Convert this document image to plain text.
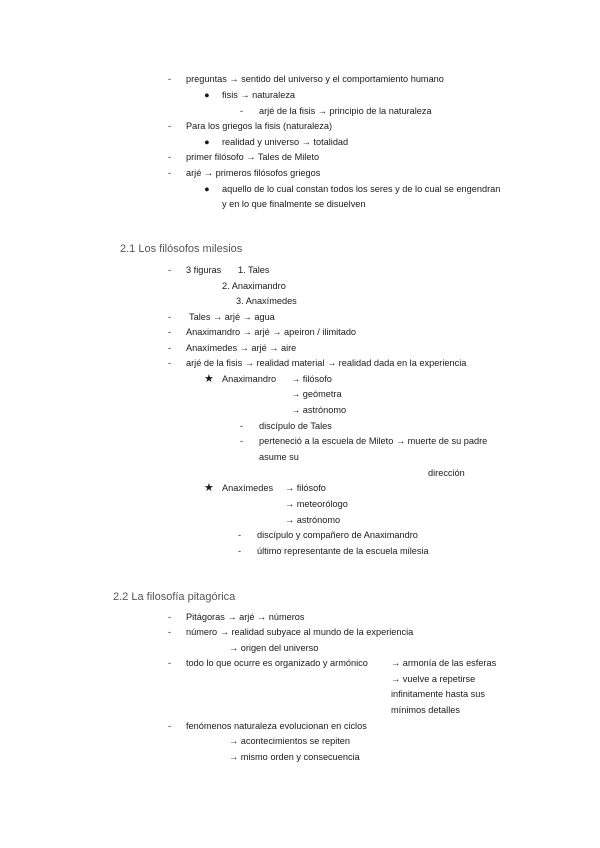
- preguntas → sentido del universo y el comportamiento humano
● fisis → naturaleza
- arjé de la fisis → principio de la naturaleza
- Para los griegos la fisis (naturaleza)
● realidad y universo → totalidad
- primer filósofo → Tales de Mileto
- arjé → primeros filósofos griegos
● aquello de lo cual constan todos los seres y de lo cual se engendran
y en lo que finalmente se disuelven
2.1 Los filósofos milesios
- 3 figuras 1. Tales
2. Anaximandro
3. Anaxímedes
- Tales → arjé → agua
- Anaximandro → arjé → apeiron / ilimitado
- Anaxímedes → arjé → aire
- arjé de la fisis → realidad material → realidad dada en la experiencia
★ Anaximandro → filósofo
→ geómetra
→ astrónomo
- discípulo de Tales
- perteneció a la escuela de Mileto → muerte de su padre
asume su
dirección
★ Anaxímedes → filósofo
→ meteorólogo
→ astrónomo
- discípulo y compañero de Anaximandro
- último representante de la escuela milesia
2.2 La filosofía pitagórica
- Pitágoras → arjé → números
- número → realidad subyace al mundo de la experiencia
→ origen del universo
- todo lo que ocurre es organizado y armónico	→ armonía de las esferas
→ vuelve a repetirse
infinitamente hasta sus
mínimos detalles
- fenómenos naturaleza evolucionan en ciclos
→ acontecimientos se repiten
→ mismo orden y consecuencia
